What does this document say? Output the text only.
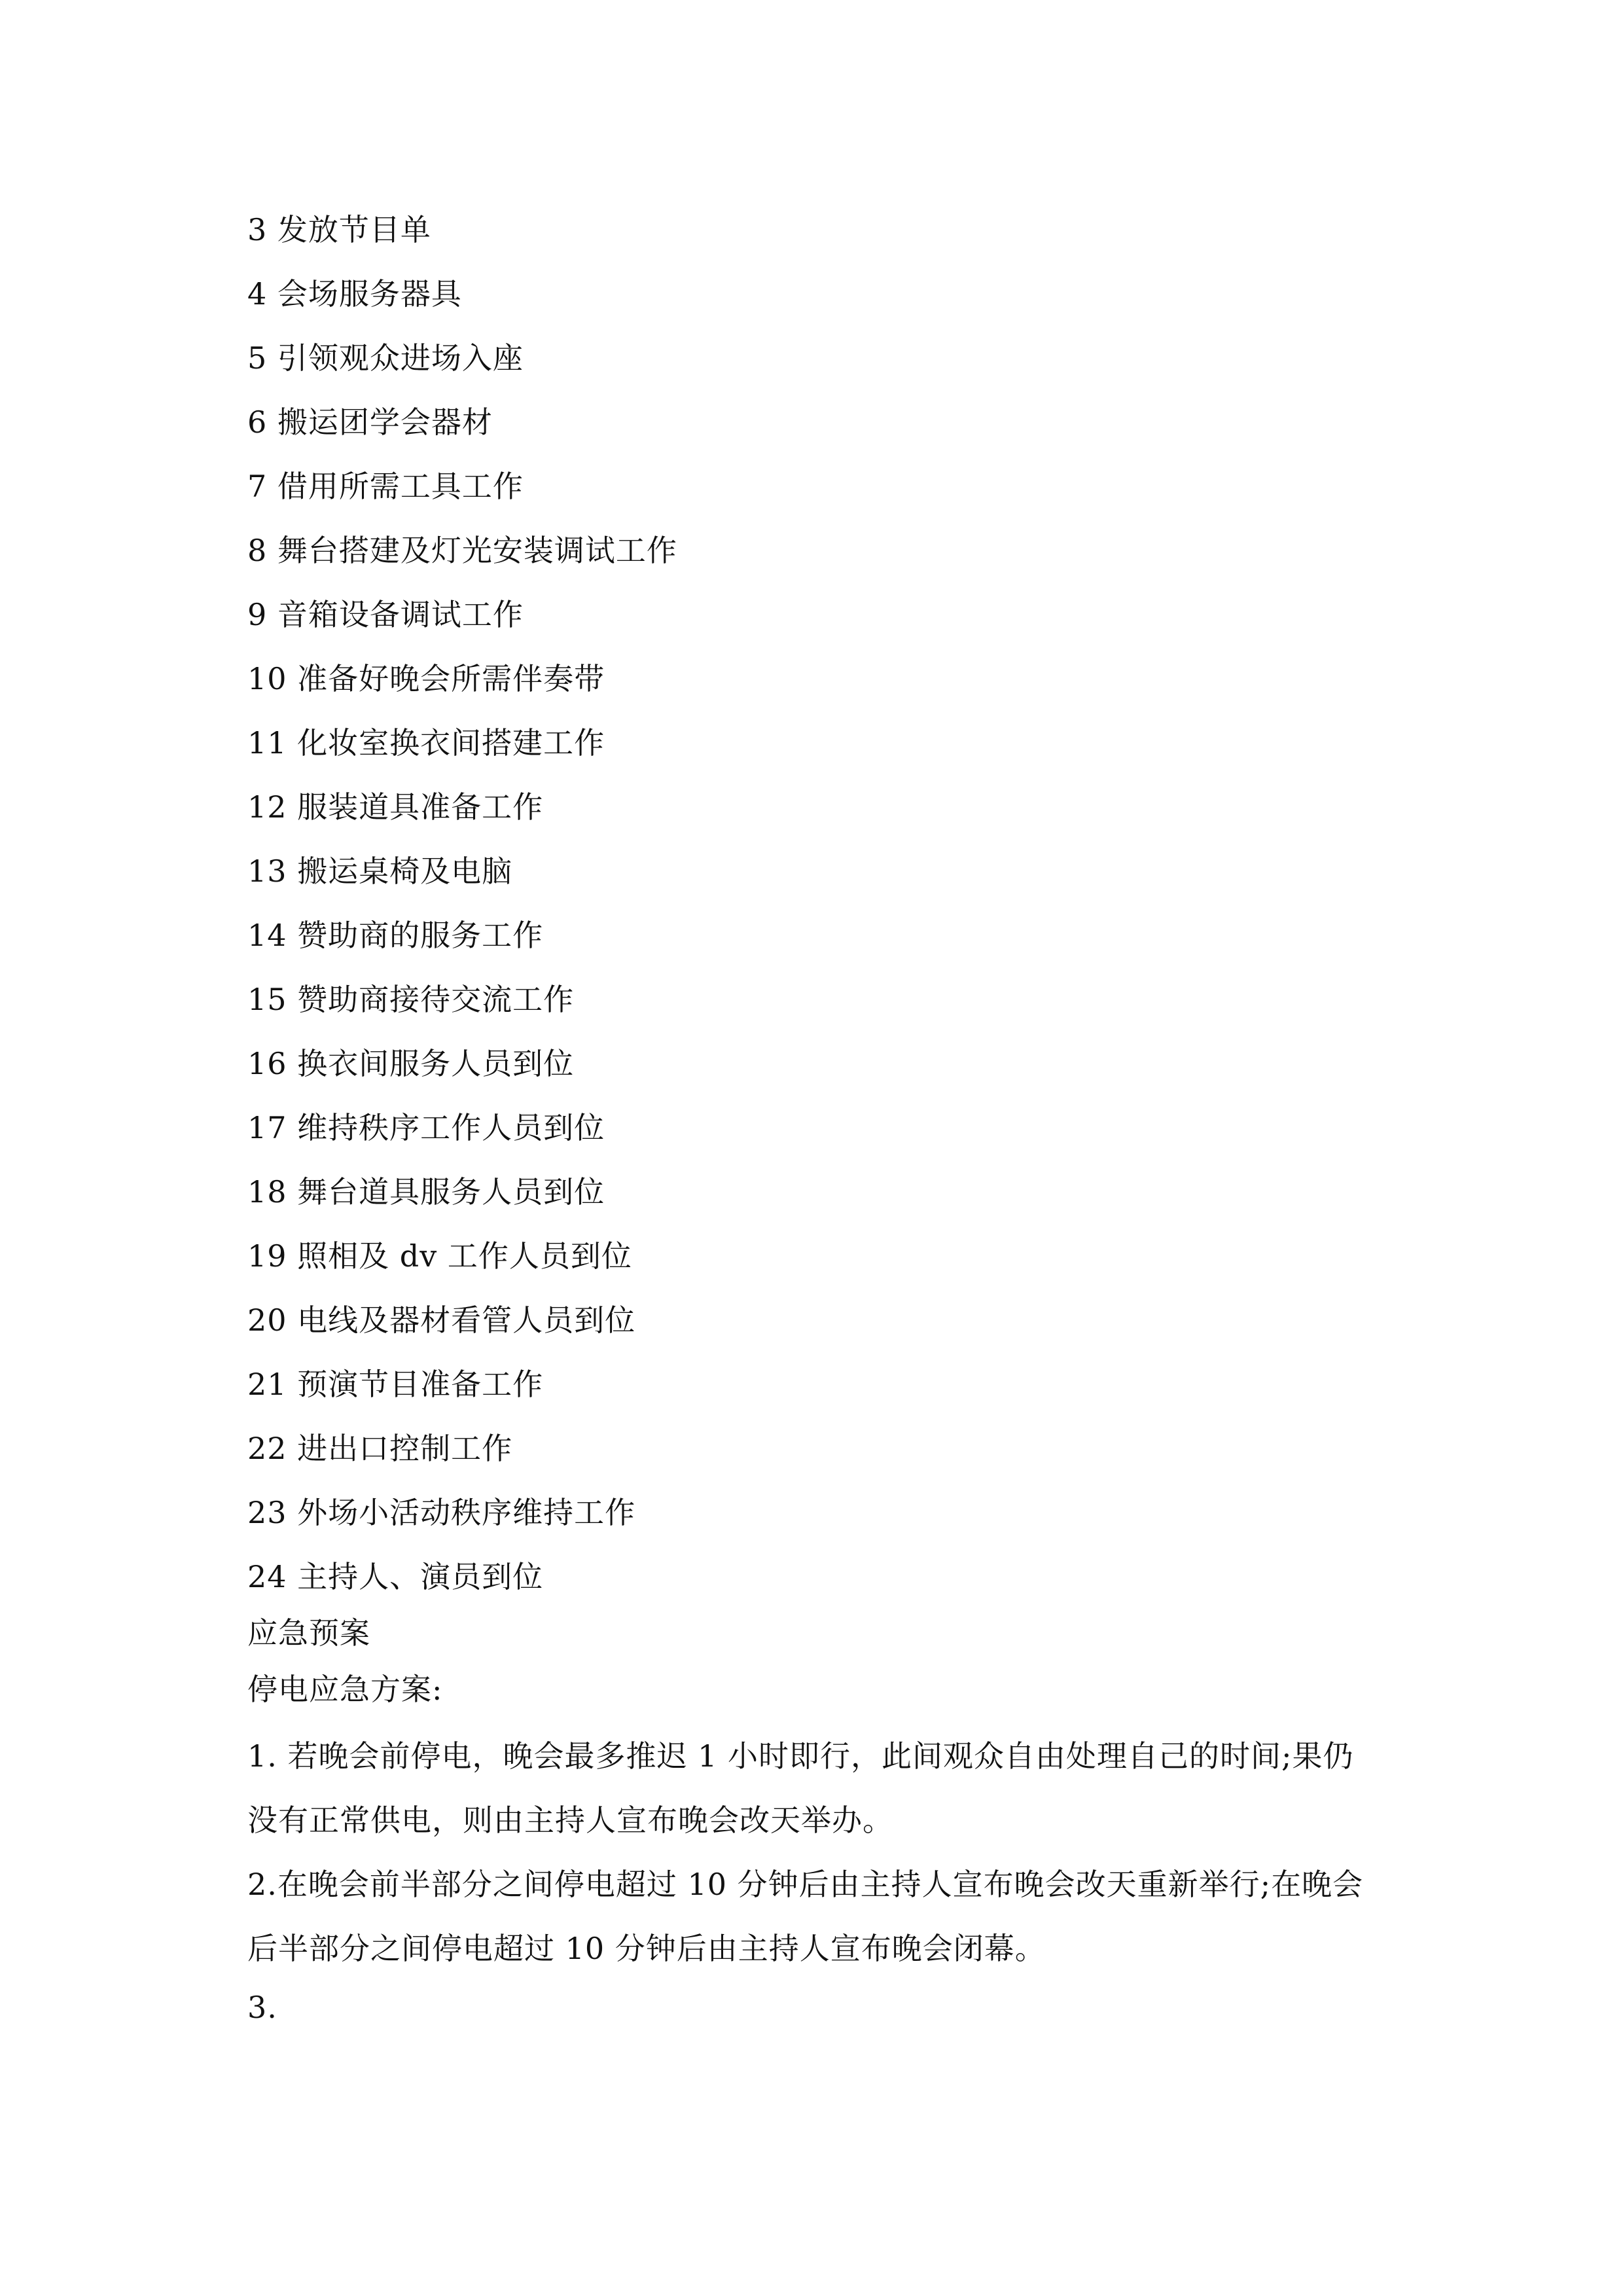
3 发放节目单
4 会场服务器具
5 引领观众进场入座
6 搬运团学会器材
7 借用所需工具工作
8 舞台搭建及灯光安装调试工作
9 音箱设备调试工作
10 准备好晚会所需伴奏带
11 化妆室换衣间搭建工作
12 服装道具准备工作
13 搬运桌椅及电脑
14 赞助商的服务工作
15 赞助商接待交流工作
16 换衣间服务人员到位
17 维持秩序工作人员到位
18 舞台道具服务人员到位
19 照相及 dv 工作人员到位
20 电线及器材看管人员到位
21 预演节目准备工作
22 进出口控制工作
23 外场小活动秩序维持工作
24 主持人、演员到位
应急预案
停电应急方案:
1. 若晚会前停电，晚会最多推迟 1 小时即行，此间观众自由处理自己的时间;果仍没有正常供电，则由主持人宣布晚会改天举办。
2.在晚会前半部分之间停电超过 10 分钟后由主持人宣布晚会改天重新举行;在晚会后半部分之间停电超过 10 分钟后由主持人宣布晚会闭幕。
3.
